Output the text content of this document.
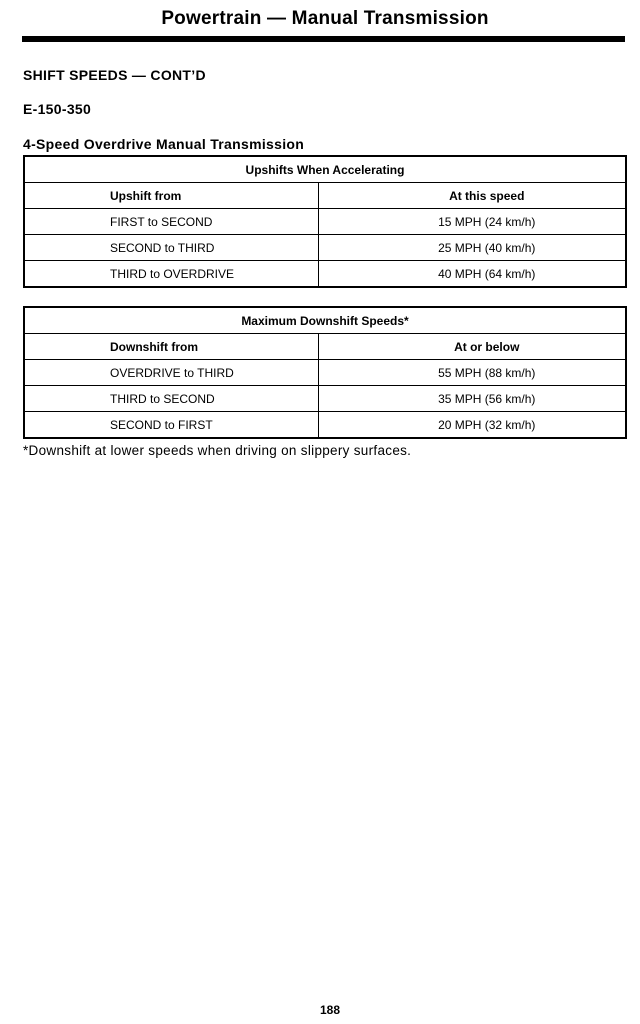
Powertrain — Manual Transmission
SHIFT SPEEDS — CONT’D
E-150-350
4-Speed Overdrive Manual Transmission
Upshifts When Accelerating	
Upshift from	At this speed
FIRST to SECOND	15 MPH (24 km/h)
SECOND to THIRD	25 MPH (40 km/h)
THIRD to OVERDRIVE	40 MPH (64 km/h)
Maximum Downshift Speeds*	
Downshift from	At or below
OVERDRIVE to THIRD	55 MPH (88 km/h)
THIRD to SECOND	35 MPH (56 km/h)
SECOND to FIRST	20 MPH (32 km/h)
*Downshift at lower speeds when driving on slippery surfaces.
188
